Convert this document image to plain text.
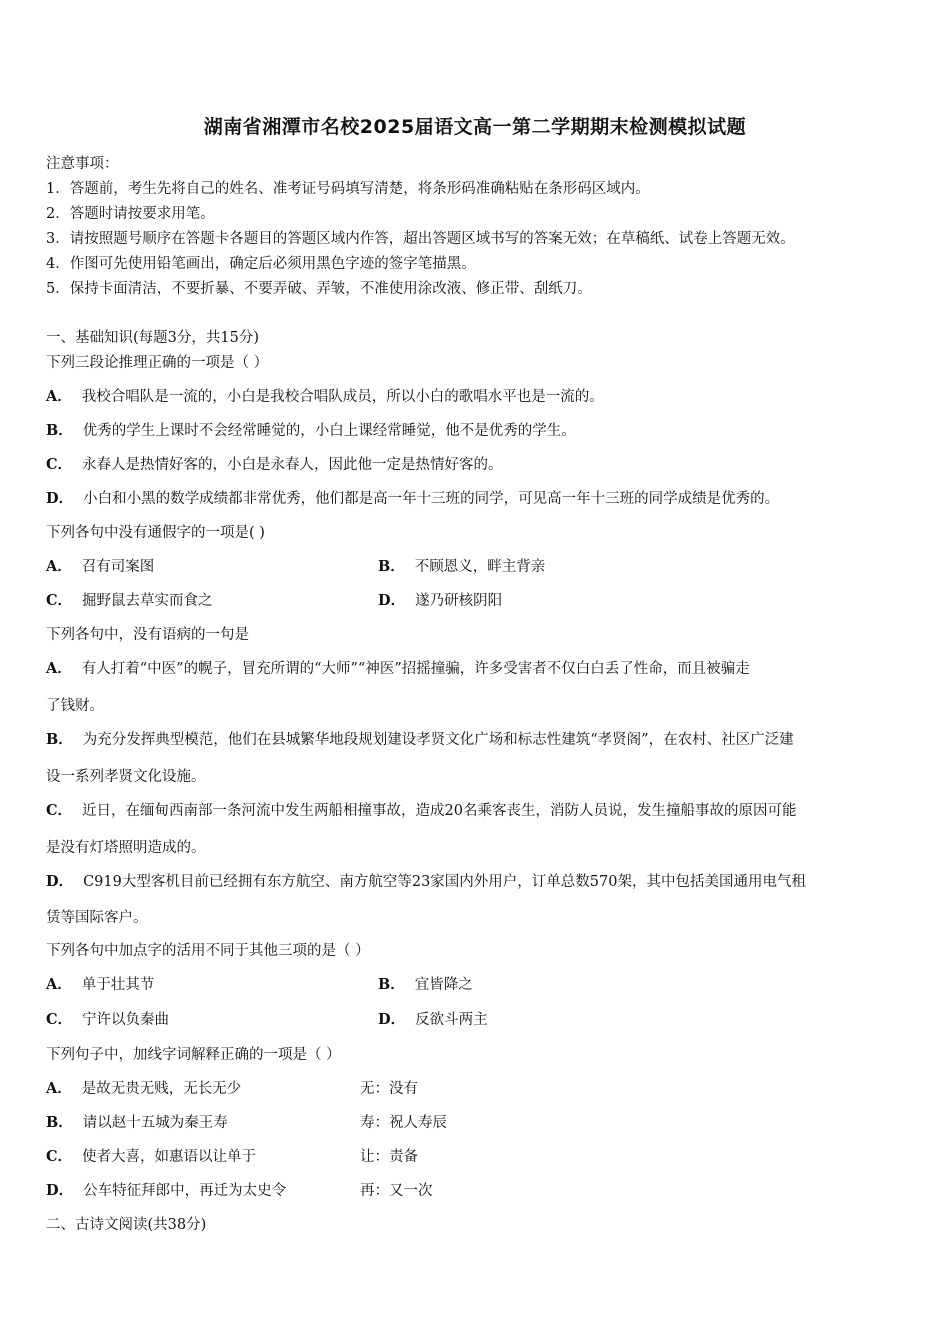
湖南省湘潭市名校2025届语文高一第二学期期末检测模拟试题
注意事项：
1．答题前，考生先将自己的姓名、准考证号码填写清楚，将条形码准确粘贴在条形码区域内。
2．答题时请按要求用笔。
3．请按照题号顺序在答题卡各题目的答题区域内作答，超出答题区域书写的答案无效；在草稿纸、试卷上答题无效。
4．作图可先使用铅笔画出，确定后必须用黑色字迹的签字笔描黑。
5．保持卡面清洁，不要折暴、不要弄破、弄皱，不准使用涂改液、修正带、刮纸刀。
一、基础知识(每题3分，共15分)
下列三段论推理正确的一项是（ ）
A． 我校合唱队是一流的，小白是我校合唱队成员，所以小白的歌唱水平也是一流的。
B． 优秀的学生上课时不会经常睡觉的，小白上课经常睡觉，他不是优秀的学生。
C． 永春人是热情好客的，小白是永春人，因此他一定是热情好客的。
D． 小白和小黑的数学成绩都非常优秀，他们都是高一年十三班的同学，可见高一年十三班的同学成绩是优秀的。
下列各句中没有通假字的一项是( )
A． 召有司案图	B． 不顾恩义，畔主背亲
C． 掘野鼠去草实而食之	D． 遂乃研核阴阳
下列各句中，没有语病的一句是
A． 有人打着“中医”的幌子，冒充所谓的“大师”“神医”招摇撞骗，许多受害者不仅白白丢了性命，而且被骗走
了钱财。
B． 为充分发挥典型模范，他们在县城繁华地段规划建设孝贤文化广场和标志性建筑“孝贤阁”，在农村、社区广泛建
设一系列孝贤文化设施。
C． 近日，在缅甸西南部一条河流中发生两船相撞事故，造成20名乘客丧生，消防人员说，发生撞船事故的原因可能
是没有灯塔照明造成的。
D． C919大型客机目前已经拥有东方航空、南方航空等23家国内外用户，订单总数570架，其中包括美国通用电气租
赁等国际客户。
下列各句中加点字的活用不同于其他三项的是（ ）
A． 单于壮其节	B． 宜皆降之
C． 宁许以负秦曲	D． 反欲斗两主
下列句子中，加线字词解释正确的一项是（ ）
A． 是故无贵无贱，无长无少	无：没有
B． 请以赵十五城为秦王寿	寿：祝人寿辰
C． 使者大喜，如惠语以让单于	让：责备
D． 公车特征拜郎中，再迁为太史令	再：又一次
二、古诗文阅读(共38分)
